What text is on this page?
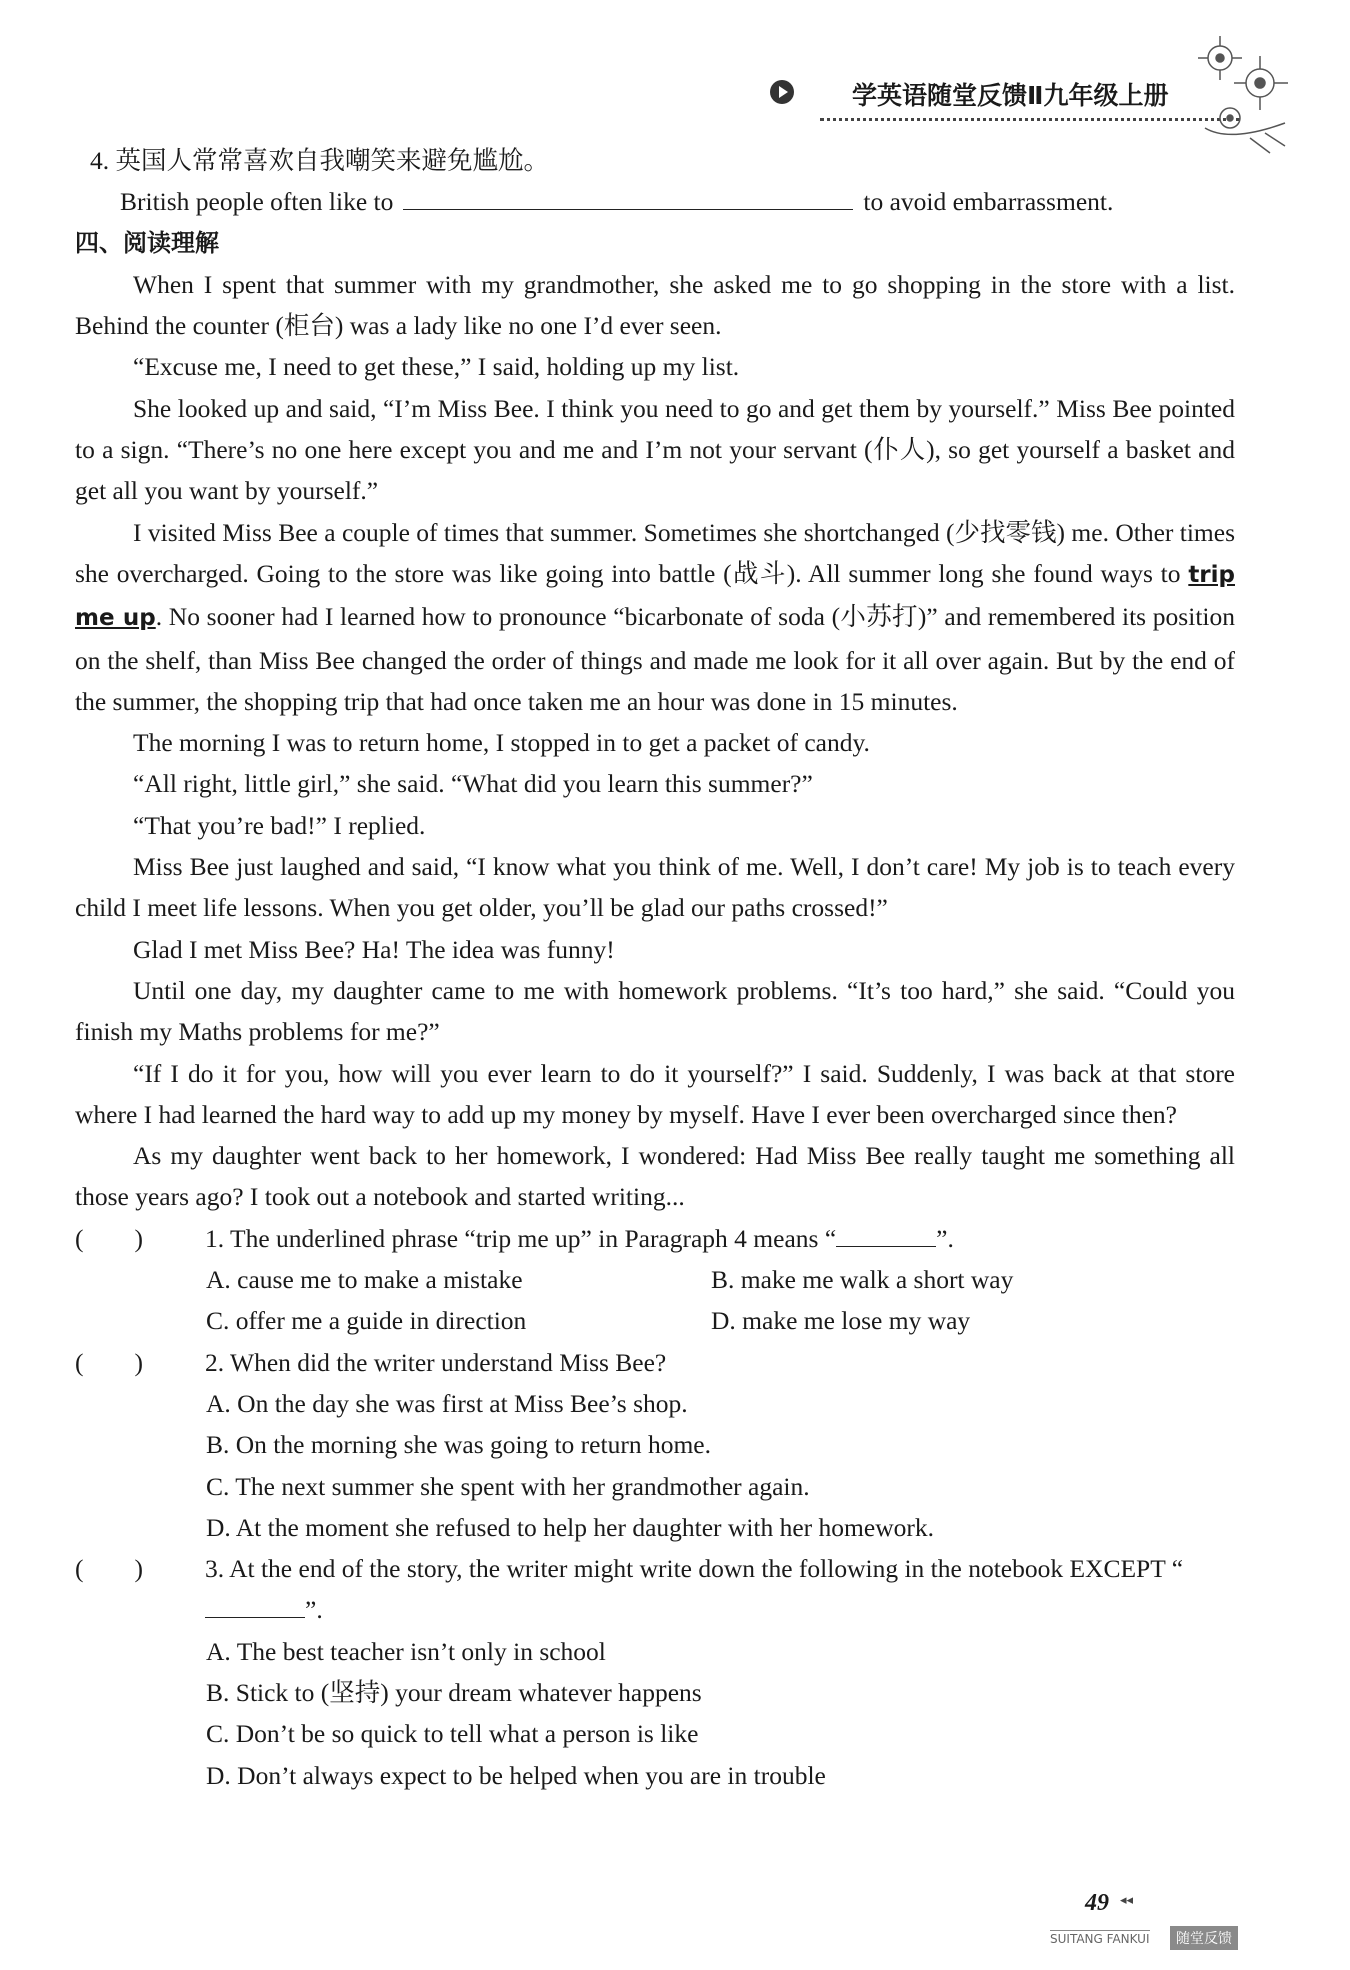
学英语随堂反馈Ⅱ九年级上册

4. 英国人常常喜欢自我嘲笑来避免尴尬。

British people often like to	to avoid embarrassment.

四、阅读理解

When I spent that summer with my grandmother, she asked me to go shopping in the store with a list. Behind the counter (柜台) was a lady like no one I’d ever seen.

“Excuse me, I need to get these,” I said, holding up my list.

She looked up and said, “I’m Miss Bee. I think you need to go and get them by yourself.” Miss Bee pointed to a sign. “There’s no one here except you and me and I’m not your servant (仆人), so get yourself a basket and get all you want by yourself.”

I visited Miss Bee a couple of times that summer. Sometimes she shortchanged (少找零钱) me. Other times she overcharged. Going to the store was like going into battle (战斗). All summer long she found ways to trip me up. No sooner had I learned how to pronounce “bicarbonate of soda (小苏打)” and remembered its position on the shelf, than Miss Bee changed the order of things and made me look for it all over again. But by the end of the summer, the shopping trip that had once taken me an hour was done in 15 minutes.

The morning I was to return home, I stopped in to get a packet of candy.

“All right, little girl,” she said. “What did you learn this summer?”

“That you’re bad!” I replied.

Miss Bee just laughed and said, “I know what you think of me. Well, I don’t care! My job is to teach every child I meet life lessons. When you get older, you’ll be glad our paths crossed!”

Glad I met Miss Bee? Ha! The idea was funny!

Until one day, my daughter came to me with homework problems. “It’s too hard,” she said. “Could you finish my Maths problems for me?”

“If I do it for you, how will you ever learn to do it yourself?” I said. Suddenly, I was back at that store where I had learned the hard way to add up my money by myself. Have I ever been overcharged since then?

As my daughter went back to her homework, I wondered: Had Miss Bee really taught me something all those years ago? I took out a notebook and started writing...

(　　) 1. The underlined phrase “trip me up” in Paragraph 4 means “	”.

A. cause me to make a mistake	B. make me walk a short way
C. offer me a guide in direction	D. make me lose my way

(　　) 2. When did the writer understand Miss Bee?

A. On the day she was first at Miss Bee’s shop.

B. On the morning she was going to return home.

C. The next summer she spent with her grandmother again.

D. At the moment she refused to help her daughter with her homework.

(　　) 3. At the end of the story, the writer might write down the following in the notebook EXCEPT “”.

A. The best teacher isn’t only in school

B. Stick to (坚持) your dream whatever happens

C. Don’t be so quick to tell what a person is like

D. Don’t always expect to be helped when you are in trouble

49 ◂◂
SUITANG FANKUI	随堂反馈
